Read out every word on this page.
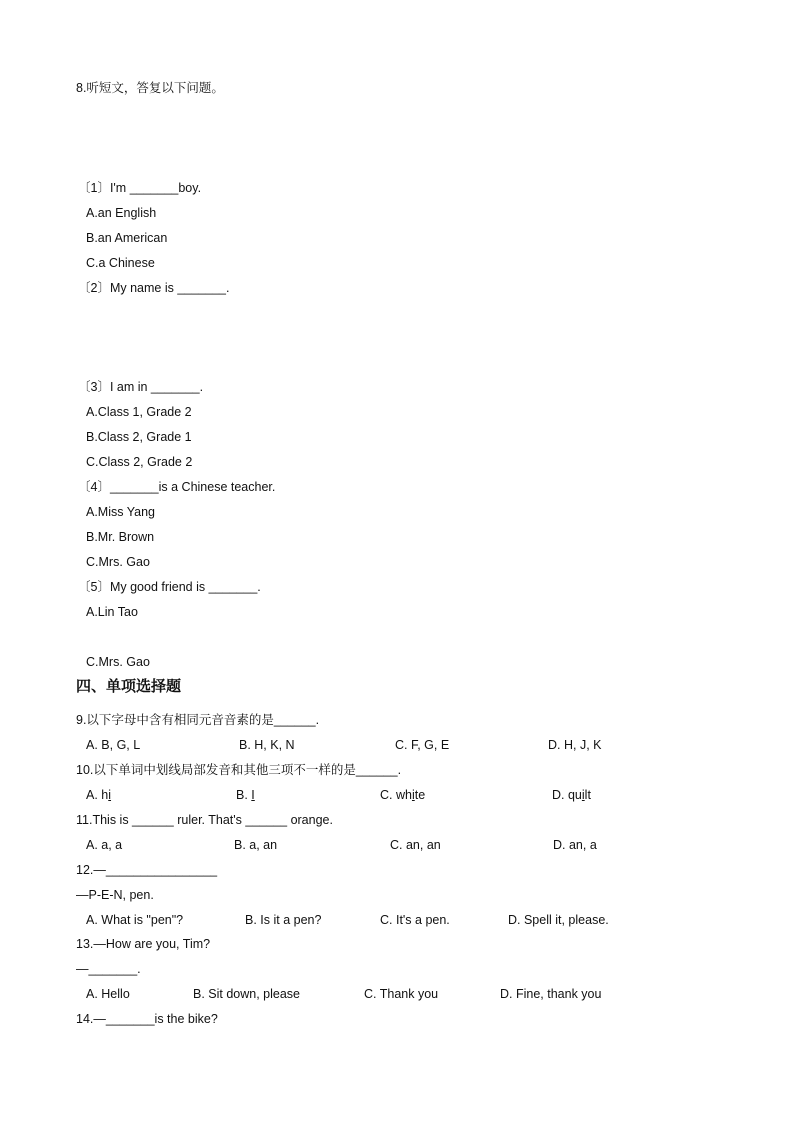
8.听短文，答复以下问题。
〔1〕I'm _______boy.
A.an English
B.an American
C.a Chinese
〔2〕My name is _______.
〔3〕I am in _______.
A.Class 1, Grade 2
B.Class 2, Grade 1
C.Class 2, Grade 2
〔4〕_______is a Chinese teacher.
A.Miss Yang
B.Mr. Brown
C.Mrs. Gao
〔5〕My good friend is _______.
A.Lin Tao
C.Mrs. Gao
四、单项选择题
9.以下字母中含有相同元音音素的是______.
A. B, G, L	B. H, K, N	C. F, G, E	D. H, J, K
10.以下单词中划线局部发音和其他三项不一样的是______.
A. hi	B. I	C. white	D. quilt
11.This is ______ ruler. That's ______ orange.
A. a, a	B. a, an	C. an, an	D. an, a
12.—________________
—P-E-N, pen.
A. What is "pen"?	B. Is it a pen?	C. It's a pen.	D. Spell it, please.
13.—How are you, Tim?
—_______.
A. Hello	B. Sit down, please	C. Thank you	D. Fine, thank you
14.—_______is the bike?
